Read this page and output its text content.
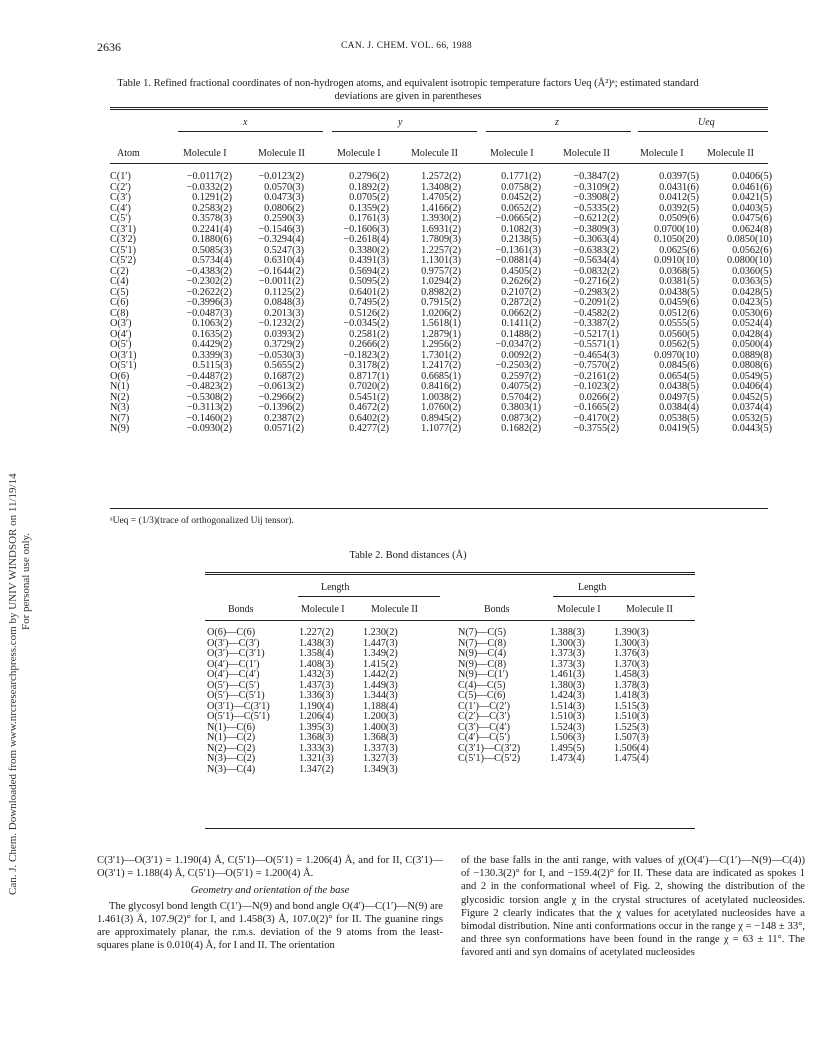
2636	CAN. J. CHEM. VOL. 66, 1988
Can. J. Chem. Downloaded from www.nrcresearchpress.com by UNIV WINDSOR on 11/19/14 For personal use only.
Table 1. Refined fractional coordinates of non-hydrogen atoms, and equivalent isotropic temperature factors Ueq (Å²)ᵃ; estimated standard deviations are given in parentheses
x	y	z	Ueq
Atom	Molecule I	Molecule II	Molecule I	Molecule II	Molecule I	Molecule II	Molecule I Molecule II
C(1′)	−0.0117(2)	−0.0123(2)	0.2796(2)	1.2572(2)	0.1771(2)	−0.3847(2)	0.0397(5)	0.0406(5)
C(2′)	−0.0332(2)	0.0570(3)	0.1892(2)	1.3408(2)	0.0758(2)	−0.3109(2)	0.0431(6)	0.0461(6)
C(3′)	0.1291(2)	0.0473(3)	0.0705(2)	1.4705(2)	0.0452(2)	−0.3908(2)	0.0412(5)	0.0421(5)
C(4′)	0.2583(2)	0.0806(2)	0.1359(2)	1.4166(2)	0.0652(2)	−0.5335(2)	0.0392(5)	0.0403(5)
C(5′)	0.3578(3)	0.2590(3)	0.1761(3)	1.3930(2)	−0.0665(2)	−0.6212(2)	0.0509(6)	0.0475(6)
C(3′1)	0.2241(4)	−0.1546(3)	−0.1606(3)	1.6931(2)	0.1082(3)	−0.3809(3)	0.0700(10)	0.0624(8)
C(3′2)	0.1880(6)	−0.3294(4)	−0.2618(4)	1.7809(3)	0.2138(5)	−0.3063(4)	0.1050(20)	0.0850(10)
C(5′1)	0.5085(3)	0.5247(3)	0.3380(2)	1.2257(2)	−0.1361(3)	−0.6383(2)	0.0625(6)	0.0562(6)
C(5′2)	0.5734(4)	0.6310(4)	0.4391(3)	1.1301(3)	−0.0881(4)	−0.5634(4)	0.0910(10)	0.0800(10)
C(2)	−0.4383(2)	−0.1644(2)	0.5694(2)	0.9757(2)	0.4505(2)	−0.0832(2)	0.0368(5)	0.0360(5)
C(4)	−0.2302(2)	−0.0011(2)	0.5095(2)	1.0294(2)	0.2626(2)	−0.2716(2)	0.0381(5)	0.0363(5)
C(5)	−0.2622(2)	0.1125(2)	0.6401(2)	0.8982(2)	0.2107(2)	−0.2983(2)	0.0438(5)	0.0428(5)
C(6)	−0.3996(3)	0.0848(3)	0.7495(2)	0.7915(2)	0.2872(2)	−0.2091(2)	0.0459(6)	0.0423(5)
C(8)	−0.0487(3)	0.2013(3)	0.5126(2)	1.0206(2)	0.0662(2)	−0.4582(2)	0.0512(6)	0.0530(6)
O(3′)	0.1063(2)	−0.1232(2)	−0.0345(2)	1.5618(1)	0.1411(2)	−0.3387(2)	0.0555(5)	0.0524(4)
O(4′)	0.1635(2)	0.0393(2)	0.2581(2)	1.2879(1)	0.1488(2)	−0.5217(1)	0.0560(5)	0.0428(4)
O(5′)	0.4429(2)	0.3729(2)	0.2666(2)	1.2956(2)	−0.0347(2)	−0.5571(1)	0.0562(5)	0.0500(4)
O(3′1)	0.3399(3)	−0.0530(3)	−0.1823(2)	1.7301(2)	0.0092(2)	−0.4654(3)	0.0970(10)	0.0889(8)
O(5′1)	0.5115(3)	0.5655(2)	0.3178(2)	1.2417(2)	−0.2503(2)	−0.7570(2)	0.0845(6)	0.0808(6)
O(6)	−0.4487(2)	0.1687(2)	0.8717(1)	0.6685(1)	0.2597(2)	−0.2161(2)	0.0654(5)	0.0549(5)
N(1)	−0.4823(2)	−0.0613(2)	0.7020(2)	0.8416(2)	0.4075(2)	−0.1023(2)	0.0438(5)	0.0406(4)
N(2)	−0.5308(2)	−0.2966(2)	0.5451(2)	1.0038(2)	0.5704(2)	0.0266(2)	0.0497(5)	0.0452(5)
N(3)	−0.3113(2)	−0.1396(2)	0.4672(2)	1.0760(2)	0.3803(1)	−0.1665(2)	0.0384(4)	0.0374(4)
N(7)	−0.1460(2)	0.2387(2)	0.6402(2)	0.8945(2)	0.0873(2)	−0.4170(2)	0.0538(5)	0.0532(5)
N(9)	−0.0930(2)	0.0571(2)	0.4277(2)	1.1077(2)	0.1682(2)	−0.3755(2)	0.0419(5)	0.0443(5)
ᵃUeq = (1/3)(trace of orthogonalized Uij tensor).
Table 2. Bond distances (Å)
Length	Length
Bonds	Molecule I	Molecule II	Bonds	Molecule I	Molecule II
O(6)—C(6)	1.227(2)	1.230(2)
O(3′)—C(3′)	1.438(3)	1.447(3)
O(3′)—C(3′1)	1.358(4)	1.349(2)
O(4′)—C(1′)	1.408(3)	1.415(2)
O(4′)—C(4′)	1.432(3)	1.442(2)
O(5′)—C(5′)	1.437(3)	1.449(3)
O(5′)—C(5′1)	1.336(3)	1.344(3)
O(3′1)—C(3′1)	1.190(4)	1.188(4)
O(5′1)—C(5′1)	1.206(4)	1.200(3)
N(1)—C(6)	1.395(3)	1.400(3)
N(1)—C(2)	1.368(3)	1.368(3)
N(2)—C(2)	1.333(3)	1.337(3)
N(3)—C(2)	1.321(3)	1.327(3)
N(3)—C(4)	1.347(2)	1.349(3)
N(7)—C(5)	1.388(3)	1.390(3)
N(7)—C(8)	1.300(3)	1.300(3)
N(9)—C(4)	1.373(3)	1.376(3)
N(9)—C(8)	1.373(3)	1.370(3)
N(9)—C(1′)	1.461(3)	1.458(3)
C(4)—C(5)	1.380(3)	1.378(3)
C(5)—C(6)	1.424(3)	1.418(3)
C(1′)—C(2′)	1.514(3)	1.515(3)
C(2′)—C(3′)	1.510(3)	1.510(3)
C(3′)—C(4′)	1.524(3)	1.525(3)
C(4′)—C(5′)	1.506(3)	1.507(3)
C(3′1)—C(3′2)	1.495(5)	1.506(4)
C(5′1)—C(5′2)	1.473(4)	1.475(4)

C(3′1)—O(3′1) = 1.190(4) Å, C(5′1)—O(5′1) = 1.206(4) Å, and for II, C(3′1)—O(3′1) = 1.188(4) Å, C(5′1)—O(5′1) = 1.200(4) Å.

Geometry and orientation of the base

The glycosyl bond length C(1′)—N(9) and bond angle O(4′)—C(1′)—N(9) are 1.461(3) Å, 107.9(2)° for I, and 1.458(3) Å, 107.0(2)° for II. The guanine rings are approximately planar, the r.m.s. deviation of the 9 atoms from the least-squares plane is 0.010(4) Å, for I and II. The orientation

of the base falls in the anti range, with values of χ(O(4′)—C(1′)—N(9)—C(4)) of −130.3(2)° for I, and −159.4(2)° for II. These data are indicated as spokes 1 and 2 in the conformational wheel of Fig. 2, showing the distribution of the glycosidic torsion angle χ in the crystal structures of acetylated nucleosides. Figure 2 clearly indicates that the χ values for acetylated nucleosides have a bimodal distribution. Nine anti conformations occur in the range χ = −148 ± 33°, and three syn conformations have been found in the range χ = 63 ± 11°. The favored anti and syn domains of acetylated nucleosides
